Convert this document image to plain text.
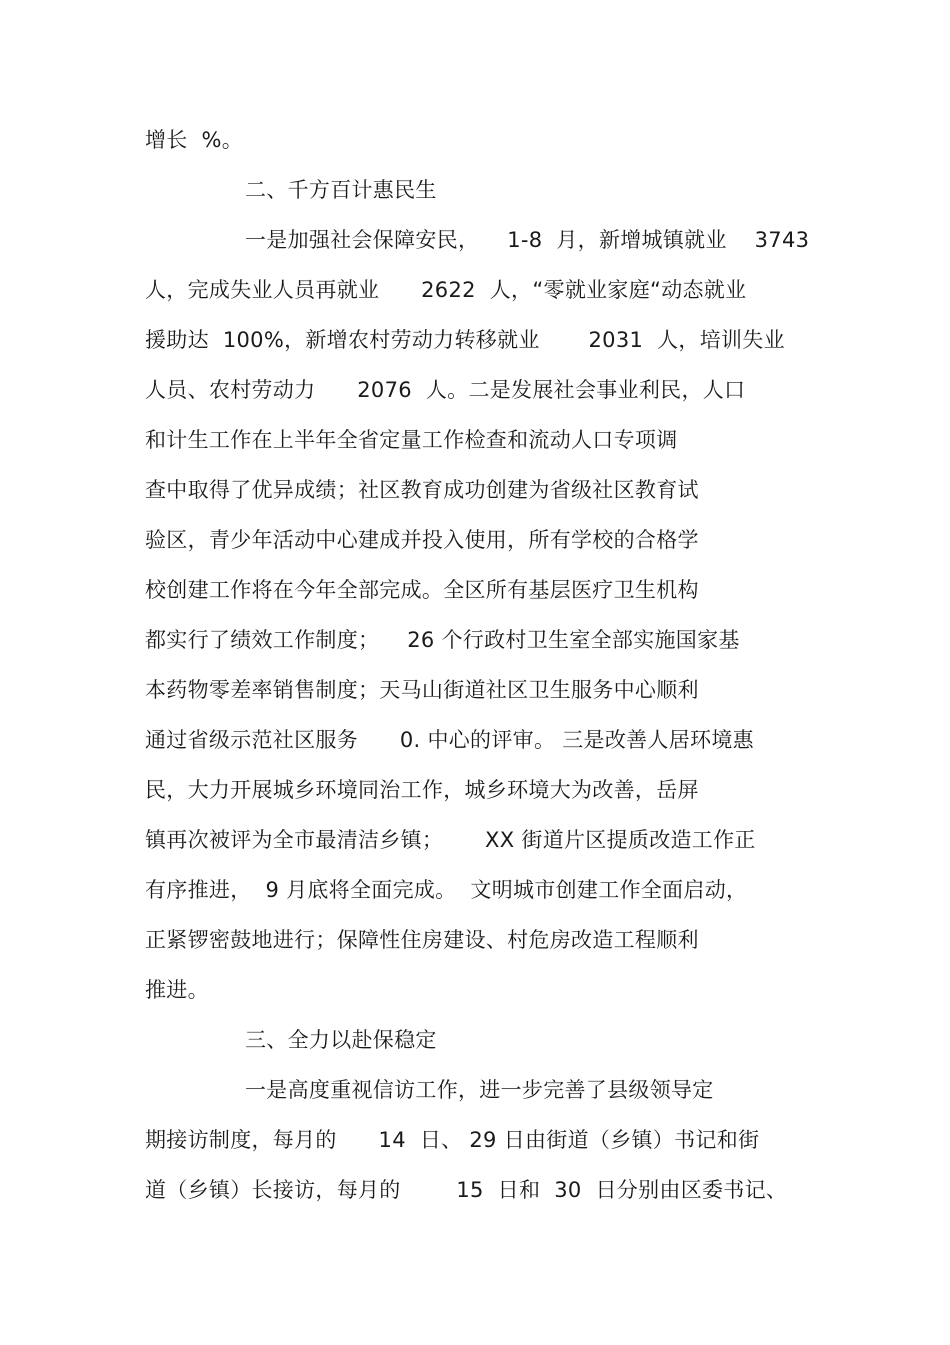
增长  %。
二、千方百计惠民生
一是加强社会保障安民，    1-8  月，新增城镇就业    3743
人，完成失业人员再就业      2622  人，“零就业家庭“动态就业
援助达  100%，新增农村劳动力转移就业       2031  人，培训失业
人员、农村劳动力      2076  人。二是发展社会事业利民，人口
和计生工作在上半年全省定量工作检查和流动人口专项调
查中取得了优异成绩；社区教育成功创建为省级社区教育试
验区，青少年活动中心建成并投入使用，所有学校的合格学
校创建工作将在今年全部完成。全区所有基层医疗卫生机构
都实行了绩效工作制度；    26 个行政村卫生室全部实施国家基
本药物零差率销售制度；天马山街道社区卫生服务中心顺利
通过省级示范社区服务      0. 中心的评审。 三是改善人居环境惠
民，大力开展城乡环境同治工作，城乡环境大为改善，岳屏
镇再次被评为全市最清洁乡镇；      XX 街道片区提质改造工作正
有序推进，  9 月底将全面完成。  文明城市创建工作全面启动，
正紧锣密鼓地进行；保障性住房建设、村危房改造工程顺利
推进。
三、全力以赴保稳定
一是高度重视信访工作，进一步完善了县级领导定
期接访制度，每月的      14  日、 29 日由街道（乡镇）书记和街
道（乡镇）长接访，每月的        15  日和  30  日分别由区委书记、
